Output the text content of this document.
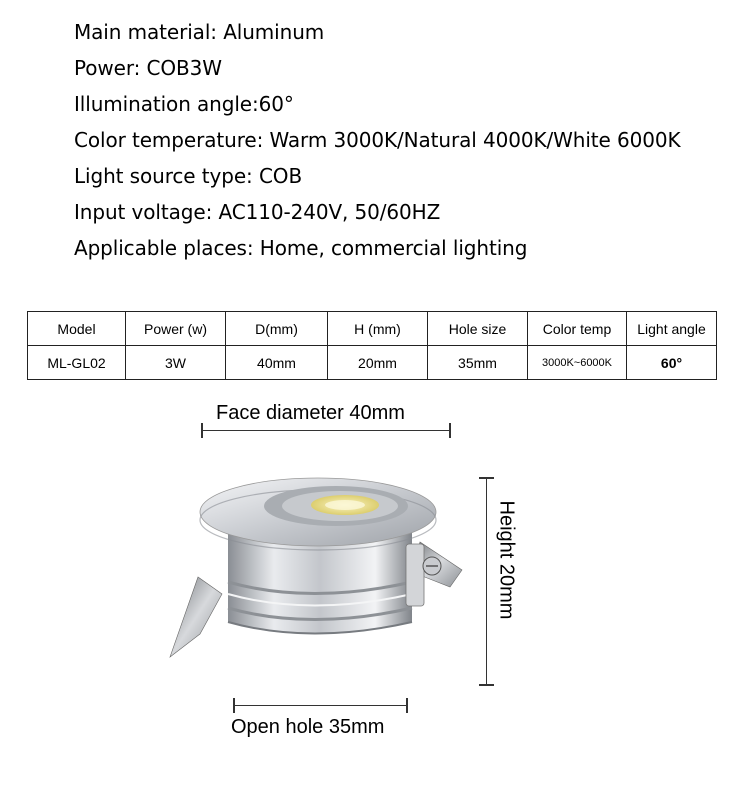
Main material: Aluminum
Power: COB3W
Illumination angle:60°
Color temperature: Warm 3000K/Natural 4000K/White 6000K
Light source type: COB
Input voltage: AC110-240V, 50/60HZ
Applicable places: Home, commercial lighting
Model	Power (w)	D(mm)	H (mm)	Hole size	Color temp	Light angle
ML-GL02	3W	40mm	20mm	35mm	3000K~6000K	60°
Face diameter 40mm
Height 20mm
Open hole 35mm
